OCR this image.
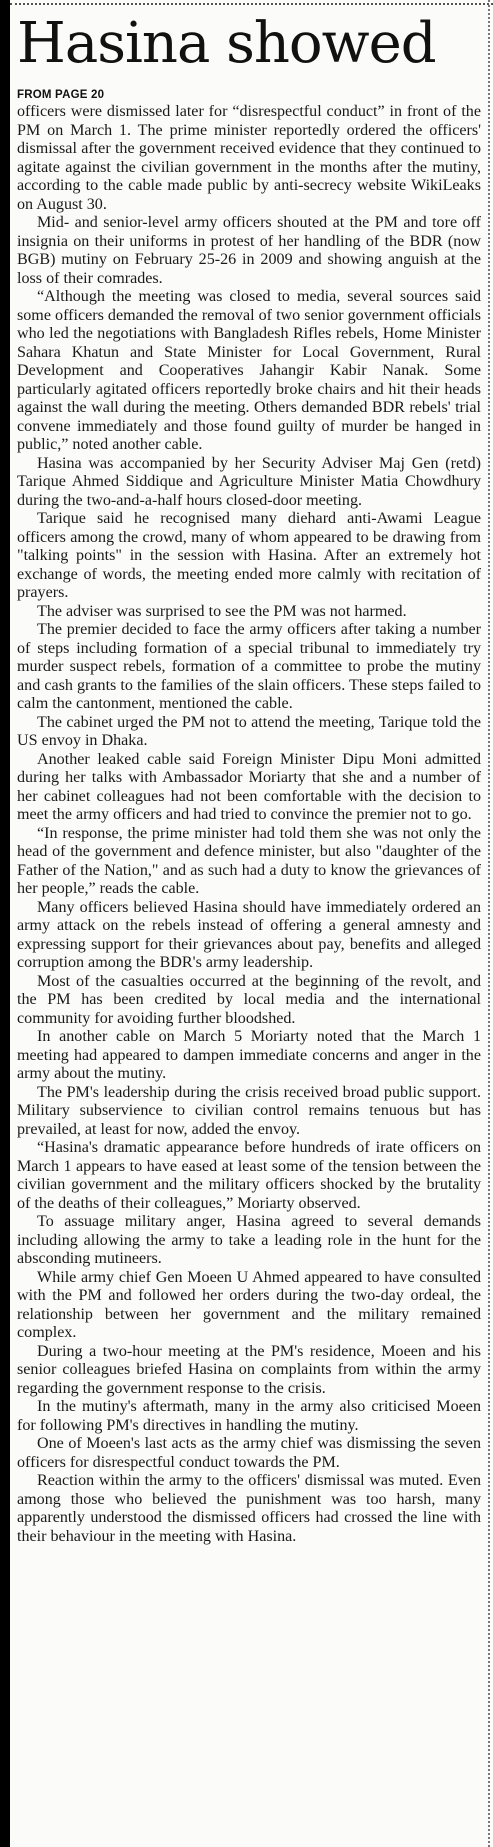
Hasina showed
FROM PAGE 20

officers were dismissed later for “disrespectful conduct” in front of the PM on March 1. The prime minister reportedly ordered the officers' dismissal after the government received evidence that they continued to agitate against the civilian government in the months after the mutiny, according to the cable made public by anti-secrecy website WikiLeaks on August 30.

Mid- and senior-level army officers shouted at the PM and tore off insignia on their uniforms in protest of her handling of the BDR (now BGB) mutiny on February 25-26 in 2009 and showing anguish at the loss of their comrades.

“Although the meeting was closed to media, several sources said some officers demanded the removal of two senior government officials who led the negotiations with Bangladesh Rifles rebels, Home Minister Sahara Khatun and State Minister for Local Government, Rural Development and Cooperatives Jahangir Kabir Nanak. Some particularly agitated officers reportedly broke chairs and hit their heads against the wall during the meeting. Others demanded BDR rebels' trial convene immediately and those found guilty of murder be hanged in public,” noted another cable.

Hasina was accompanied by her Security Adviser Maj Gen (retd) Tarique Ahmed Siddique and Agriculture Minister Matia Chowdhury during the two-and-a-half hours closed-door meeting.

Tarique said he recognised many diehard anti-Awami League officers among the crowd, many of whom appeared to be drawing from "talking points" in the session with Hasina. After an extremely hot exchange of words, the meeting ended more calmly with recitation of prayers.

The adviser was surprised to see the PM was not harmed.

The premier decided to face the army officers after taking a number of steps including formation of a special tribunal to immediately try murder suspect rebels, formation of a committee to probe the mutiny and cash grants to the families of the slain officers. These steps failed to calm the cantonment, mentioned the cable.

The cabinet urged the PM not to attend the meeting, Tarique told the US envoy in Dhaka.

Another leaked cable said Foreign Minister Dipu Moni admitted during her talks with Ambassador Moriarty that she and a number of her cabinet colleagues had not been comfortable with the decision to meet the army officers and had tried to convince the premier not to go.

“In response, the prime minister had told them she was not only the head of the government and defence minister, but also "daughter of the Father of the Nation," and as such had a duty to know the grievances of her people,” reads the cable.

Many officers believed Hasina should have immediately ordered an army attack on the rebels instead of offering a general amnesty and expressing support for their grievances about pay, benefits and alleged corruption among the BDR's army leadership.

Most of the casualties occurred at the beginning of the revolt, and the PM has been credited by local media and the international community for avoiding further bloodshed.

In another cable on March 5 Moriarty noted that the March 1 meeting had appeared to dampen immediate concerns and anger in the army about the mutiny.

The PM's leadership during the crisis received broad public support. Military subservience to civilian control remains tenuous but has prevailed, at least for now, added the envoy.

“Hasina's dramatic appearance before hundreds of irate officers on March 1 appears to have eased at least some of the tension between the civilian government and the military officers shocked by the brutality of the deaths of their colleagues,” Moriarty observed.

To assuage military anger, Hasina agreed to several demands including allowing the army to take a leading role in the hunt for the absconding mutineers.

While army chief Gen Moeen U Ahmed appeared to have consulted with the PM and followed her orders during the two-day ordeal, the relationship between her government and the military remained complex.

During a two-hour meeting at the PM's residence, Moeen and his senior colleagues briefed Hasina on complaints from within the army regarding the government response to the crisis.

In the mutiny's aftermath, many in the army also criticised Moeen for following PM's directives in handling the mutiny.

One of Moeen's last acts as the army chief was dismissing the seven officers for disrespectful conduct towards the PM.

Reaction within the army to the officers' dismissal was muted. Even among those who believed the punishment was too harsh, many apparently understood the dismissed officers had crossed the line with their behaviour in the meeting with Hasina.
